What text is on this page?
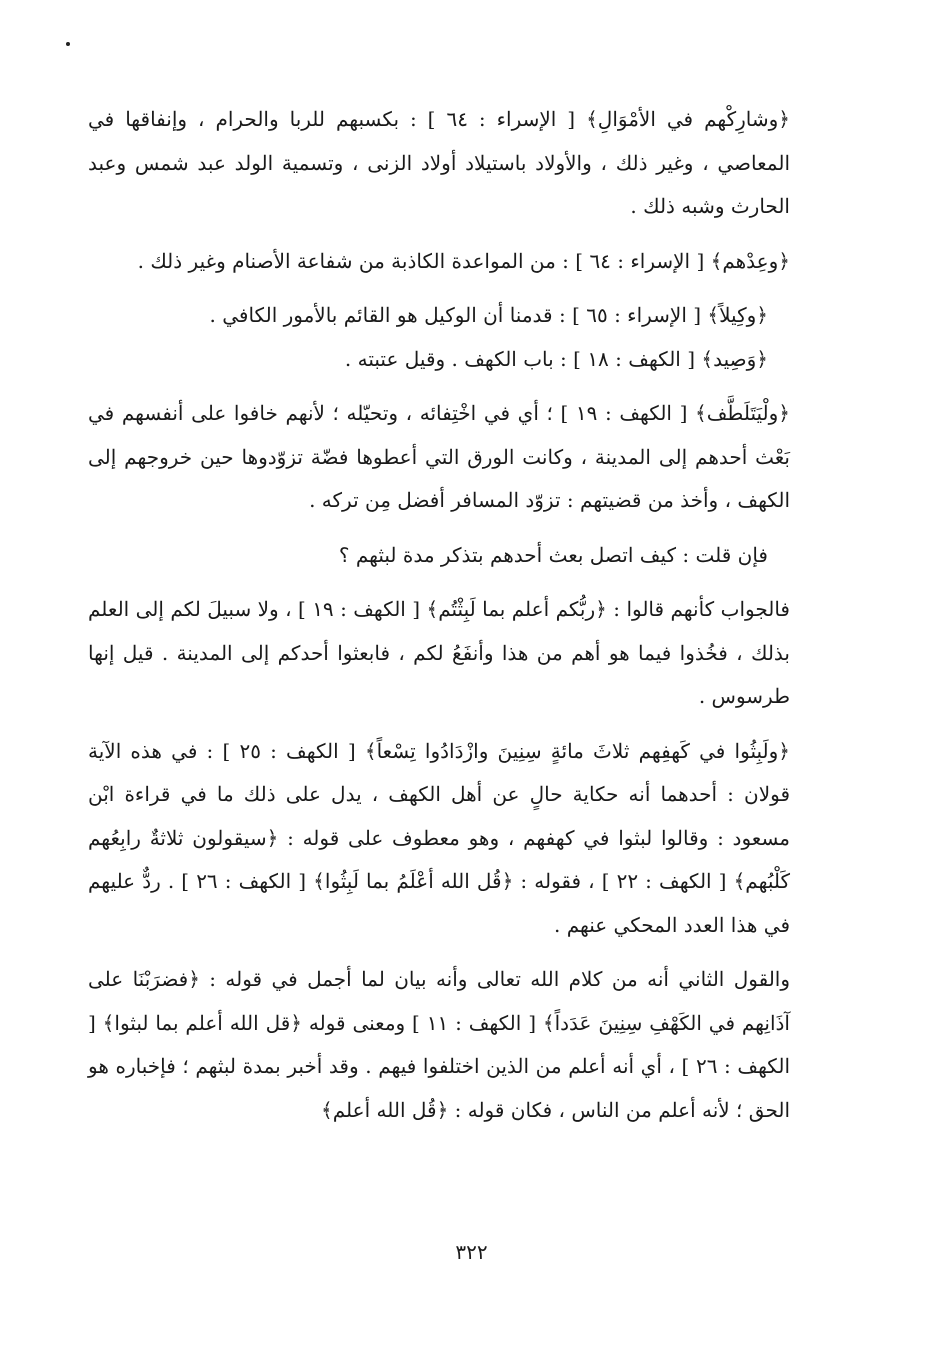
﴿وشارِكْهم في الأمْوَالِ﴾ [ الإسراء : ٦٤ ] : بكسبهم للربا والحرام ، وإنفاقها في المعاصي ، وغير ذلك ، والأولاد باستيلاد أولاد الزنى ، وتسمية الولد عبد شمس وعبد الحارث وشبه ذلك .

﴿وعِدْهم﴾ [ الإسراء : ٦٤ ] : من المواعدة الكاذبة من شفاعة الأصنام وغير ذلك .

﴿وكِيلاً﴾ [ الإسراء : ٦٥ ] : قدمنا أن الوكيل هو القائم بالأمور الكافي .

﴿وَصِيد﴾ [ الكهف : ١٨ ] : باب الكهف . وقيل عتبته .

﴿ولْيَتَلَطَّف﴾ [ الكهف : ١٩ ] ؛ أي في اخْتِفائه ، وتحيّله ؛ لأنهم خافوا على أنفسهم في بَعْث أحدهم إلى المدينة ، وكانت الورق التي أعطوها فضّة تزوّدوها حين خروجهم إلى الكهف ، وأخذ من قضيتهم : تزوّد المسافر أفضل مِن تركه .

فإن قلت : كيف اتصل بعث أحدهم بتذكر مدة لبثهم ؟

فالجواب كأنهم قالوا : ﴿ربُّكم أعلم بما لَبِثْتُم﴾ [ الكهف : ١٩ ] ، ولا سبيلَ لكم إلى العلم بذلك ، فخُذوا فيما هو أهم من هذا وأنفَعُ لكم ، فابعثوا أحدكم إلى المدينة . قيل إنها طرسوس .

﴿ولَبِثُوا في كَهفِهم ثلاثَ مائةٍ سِنِينَ وازْدَادُوا تِسْعاً﴾ [ الكهف : ٢٥ ] : في هذه الآية قولان : أحدهما أنه حكاية حالٍ عن أهل الكهف ، يدل على ذلك ما في قراءة ابْن مسعود : وقالوا لبثوا في كهفهم ، وهو معطوف على قوله : ﴿سيقولون ثلاثةٌ رابِعُهم كَلْبُهم﴾ [ الكهف : ٢٢ ] ، فقوله : ﴿قُل الله أعْلَمُ بما لَبِثُوا﴾ [ الكهف : ٢٦ ] . ردٌّ عليهم في هذا العدد المحكي عنهم .

والقول الثاني أنه من كلام الله تعالى وأنه بيان لما أجمل في قوله : ﴿فضرَبْنَا على آذَانِهم في الكَهْفِ سِنِينَ عَدَداً﴾ [ الكهف : ١١ ] ومعنى قوله ﴿قل الله أعلم بما لبثوا﴾ [ الكهف : ٢٦ ] ، أي أنه أعلم من الذين اختلفوا فيهم . وقد أخبر بمدة لبثهم ؛ فإخباره هو الحق ؛ لأنه أعلم من الناس ، فكان قوله : ﴿قُل الله أعلم﴾

٣٢٢
